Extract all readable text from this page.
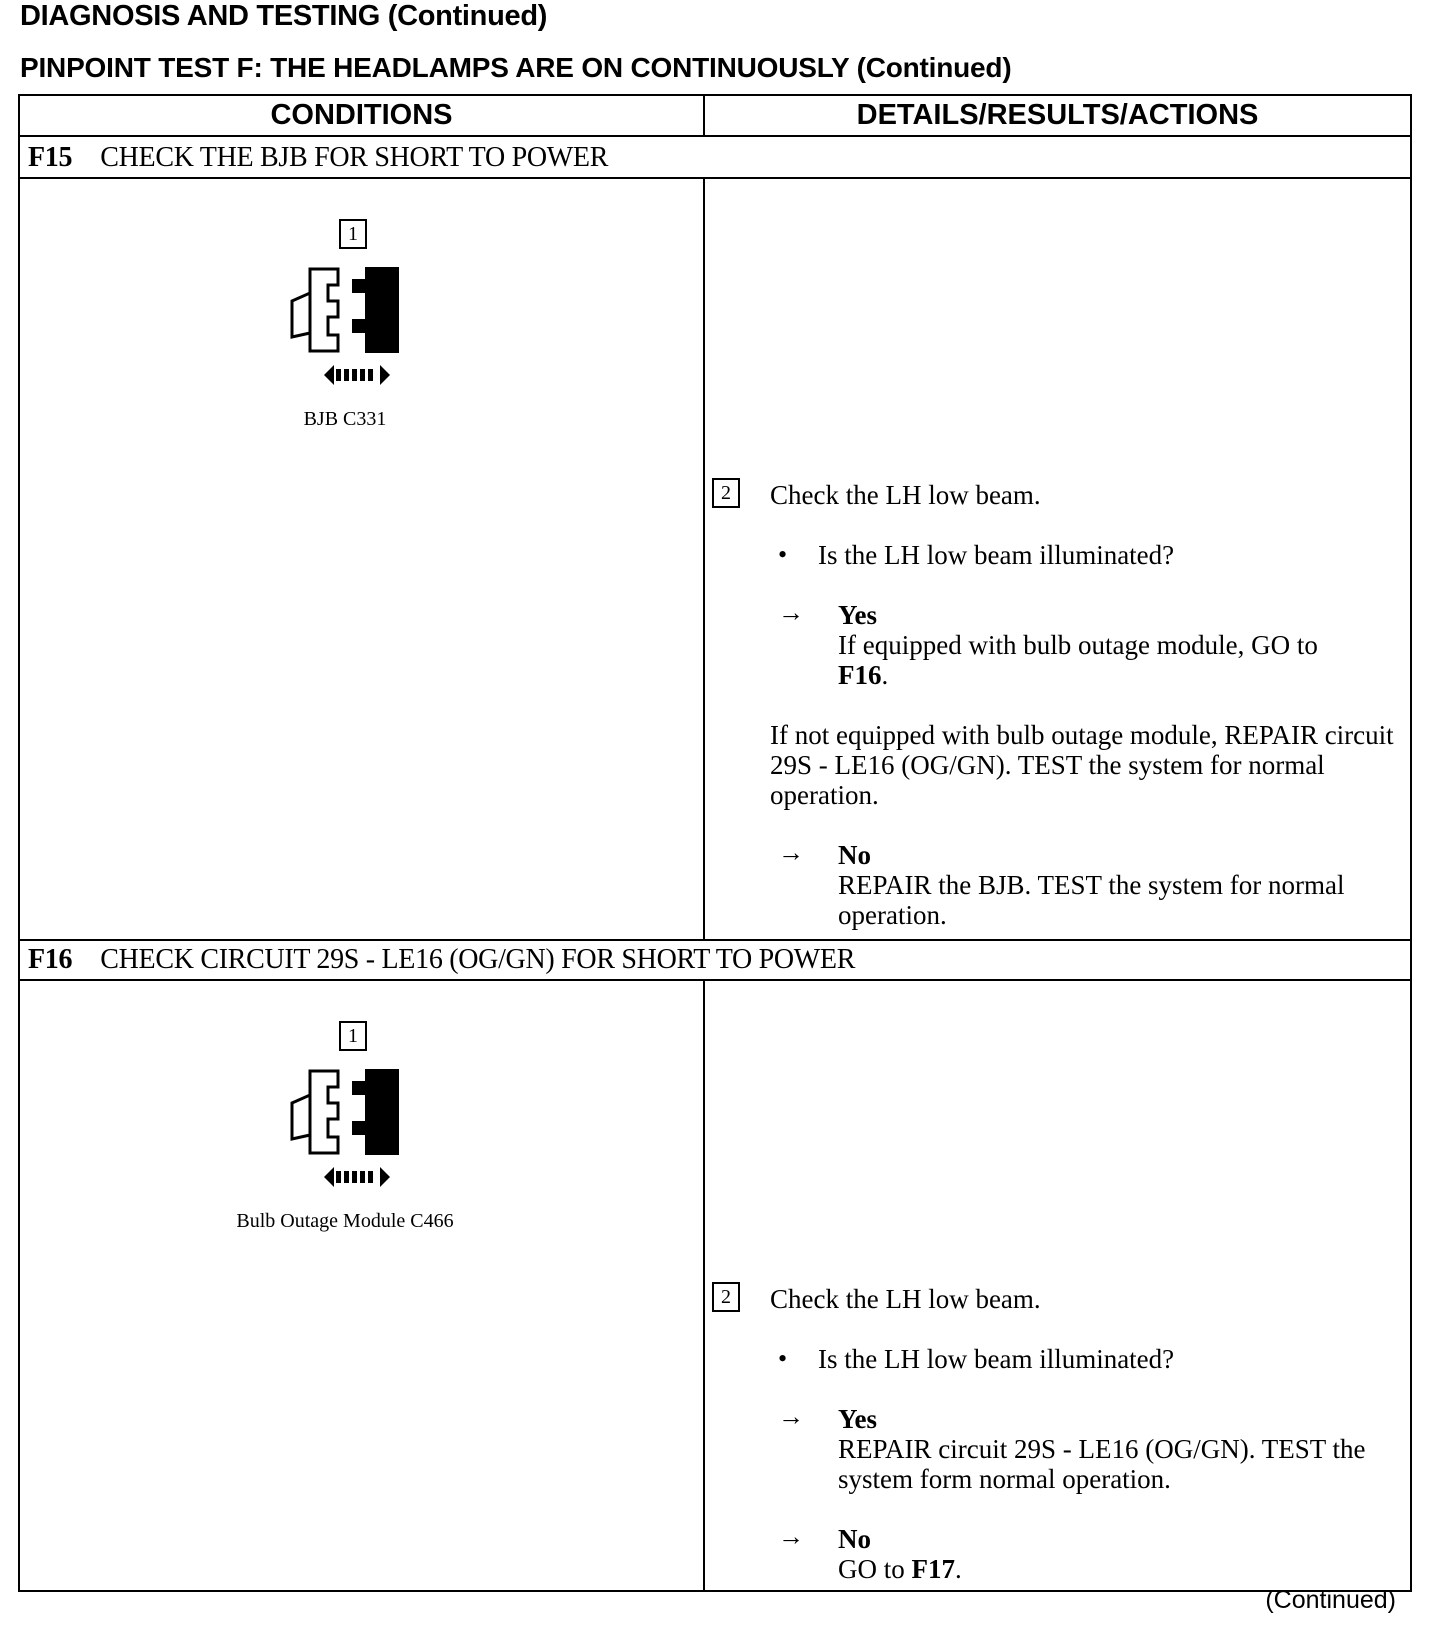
DIAGNOSIS AND TESTING (Continued)
PINPOINT TEST F: THE HEADLAMPS ARE ON CONTINUOUSLY (Continued)
CONDITIONS	DETAILS/RESULTS/ACTIONS
F15 CHECK THE BJB FOR SHORT TO POWER
1
BJB C331
2	Check the LH low beam.
• Is the LH low beam illuminated?
→ Yes
If equipped with bulb outage module, GO to
F16.
If not equipped with bulb outage module, REPAIR circuit 29S - LE16 (OG/GN). TEST the system for normal operation.
→ No
REPAIR the BJB. TEST the system for normal operation.
F16 CHECK CIRCUIT 29S - LE16 (OG/GN) FOR SHORT TO POWER
1
Bulb Outage Module C466
2	Check the LH low beam.
• Is the LH low beam illuminated?
→ Yes
REPAIR circuit 29S - LE16 (OG/GN). TEST the system form normal operation.
→ No
GO to F17.
(Continued)
